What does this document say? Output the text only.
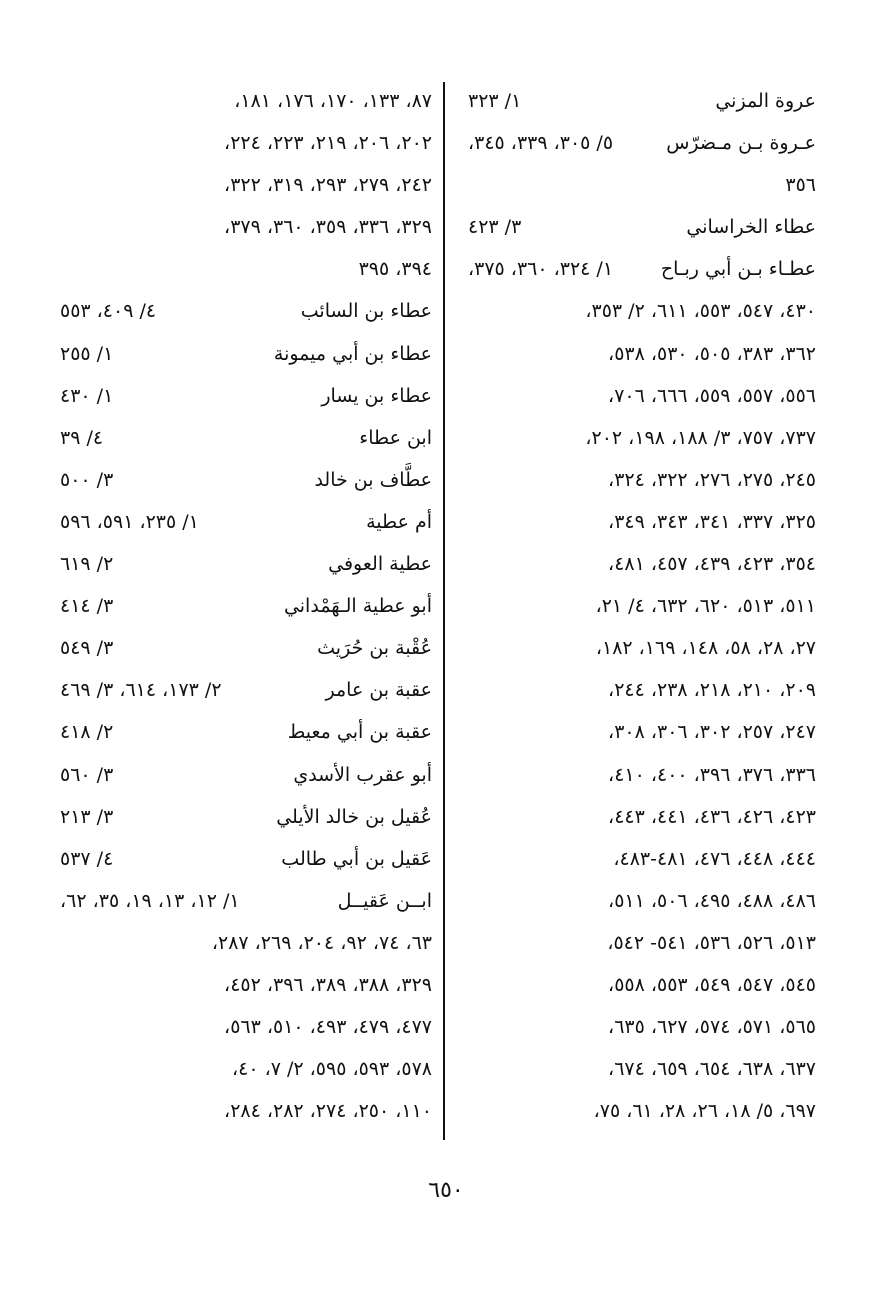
عروة المزني
١/ ٣٢٣
عـروة بـن مـضرّس
٥/ ٣٠٥، ٣٣٩، ٣٤٥،
٣٥٦
عطاء الخراساني
٣/ ٤٢٣
عطـاء بـن أبي ربـاح
١/ ٣٢٤، ٣٦٠، ٣٧٥،
٤٣٠، ٥٤٧، ٥٥٣، ٦١١، ٢/ ٣٥٣،
٣٦٢، ٣٨٣، ٥٠٥، ٥٣٠، ٥٣٨،
٥٥٦، ٥٥٧، ٥٥٩، ٦٦٦، ٧٠٦،
٧٣٧، ٧٥٧، ٣/ ١٨٨، ١٩٨، ٢٠٢،
٢٤٥، ٢٧٥، ٢٧٦، ٣٢٢، ٣٢٤،
٣٢٥، ٣٣٧، ٣٤١، ٣٤٣، ٣٤٩،
٣٥٤، ٤٢٣، ٤٣٩، ٤٥٧، ٤٨١،
٥١١، ٥١٣، ٦٢٠، ٦٣٢، ٤/ ٢١،
٢٧، ٢٨، ٥٨، ١٤٨، ١٦٩، ١٨٢،
٢٠٩، ٢١٠، ٢١٨، ٢٣٨، ٢٤٤،
٢٤٧، ٢٥٧، ٣٠٢، ٣٠٦، ٣٠٨،
٣٣٦، ٣٧٦، ٣٩٦، ٤٠٠، ٤١٠،
٤٢٣، ٤٢٦، ٤٣٦، ٤٤١، ٤٤٣،
٤٤٤، ٤٤٨، ٤٧٦، ٤٨١-٤٨٣،
٤٨٦، ٤٨٨، ٤٩٥، ٥٠٦، ٥١١،
٥١٣، ٥٢٦، ٥٣٦، ٥٤١- ٥٤٢،
٥٤٥، ٥٤٧، ٥٤٩، ٥٥٣، ٥٥٨،
٥٦٥، ٥٧١، ٥٧٤، ٦٢٧، ٦٣٥،
٦٣٧، ٦٣٨، ٦٥٤، ٦٥٩، ٦٧٤،
٦٩٧، ٥/ ١٨، ٢٦، ٢٨، ٦١، ٧٥،
٨٧، ١٣٣، ١٧٠، ١٧٦، ١٨١،
٢٠٢، ٢٠٦، ٢١٩، ٢٢٣، ٢٢٤،
٢٤٢، ٢٧٩، ٢٩٣، ٣١٩، ٣٢٢،
٣٢٩، ٣٣٦، ٣٥٩، ٣٦٠، ٣٧٩،
٣٩٤، ٣٩٥
عطاء بن السائب
٤/ ٤٠٩، ٥٥٣
عطاء بن أبي ميمونة
١/ ٢٥٥
عطاء بن يسار
١/ ٤٣٠
ابن عطاء
٤/ ٣٩
عطَّاف بن خالد
٣/ ٥٠٠
أم عطية
١/ ٢٣٥، ٥٩١، ٥٩٦
عطية العوفي
٢/ ٦١٩
أبو عطية الـهَمْداني
٣/ ٤١٤
عُقْبة بن حُرَيث
٣/ ٥٤٩
عقبة بن عامر
٢/ ١٧٣، ٦١٤، ٣/ ٤٦٩
عقبة بن أبي معيط
٢/ ٤١٨
أبو عقرب الأسدي
٣/ ٥٦٠
عُقيل بن خالد الأيلي
٣/ ٢١٣
عَقيل بن أبي طالب
٤/ ٥٣٧
ابــن عَقيــل
١/ ١٢، ١٣، ١٩، ٣٥، ٦٢،
٦٣، ٧٤، ٩٢، ٢٠٤، ٢٦٩، ٢٨٧،
٣٢٩، ٣٨٨، ٣٨٩، ٣٩٦، ٤٥٢،
٤٧٧، ٤٧٩، ٤٩٣، ٥١٠، ٥٦٣،
٥٧٨، ٥٩٣، ٥٩٥، ٢/ ٧، ٤٠،
١١٠، ٢٥٠، ٢٧٤، ٢٨٢، ٢٨٤،
٦٥٠
